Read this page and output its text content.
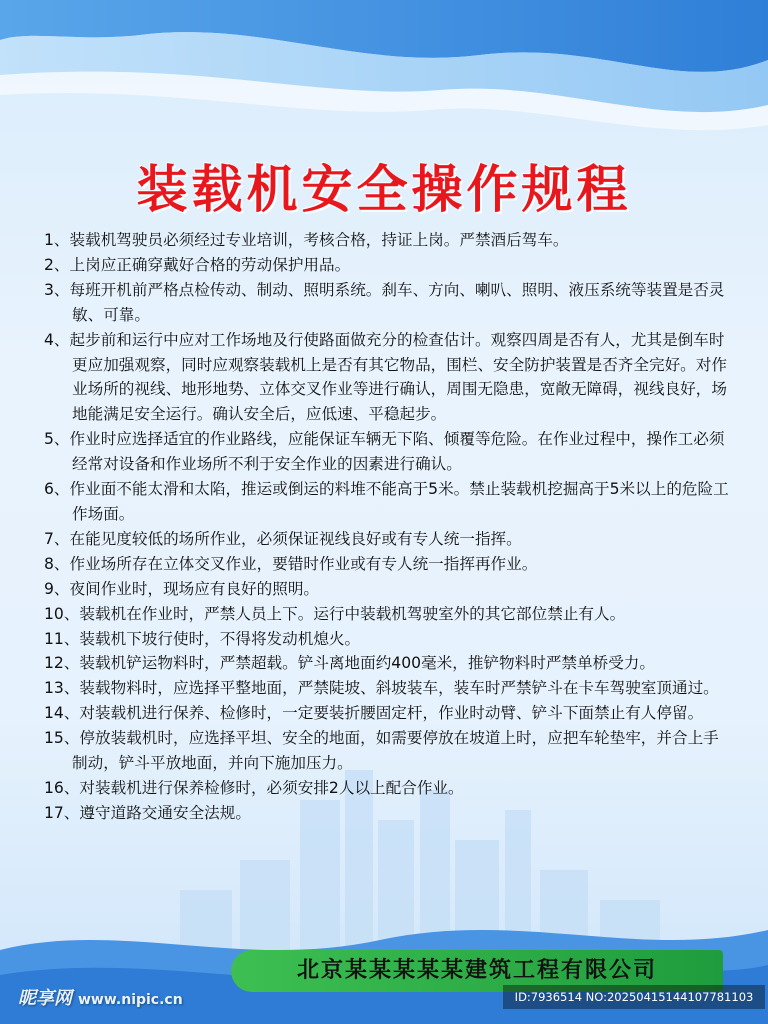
装载机安全操作规程

1、装载机驾驶员必须经过专业培训，考核合格，持证上岗。严禁酒后驾车。

2、上岗应正确穿戴好合格的劳动保护用品。

3、每班开机前严格点检传动、制动、照明系统。刹车、方向、喇叭、照明、液压系统等装置是否灵敏、可靠。

4、起步前和运行中应对工作场地及行使路面做充分的检查估计。观察四周是否有人，尤其是倒车时更应加强观察，同时应观察装载机上是否有其它物品，围栏、安全防护装置是否齐全完好。对作业场所的视线、地形地势、立体交叉作业等进行确认，周围无隐患，宽敞无障碍，视线良好，场地能满足安全运行。确认安全后，应低速、平稳起步。

5、作业时应选择适宜的作业路线，应能保证车辆无下陷、倾覆等危险。在作业过程中，操作工必须经常对设备和作业场所不利于安全作业的因素进行确认。

6、作业面不能太滑和太陷，推运或倒运的料堆不能高于5米。禁止装载机挖掘高于5米以上的危险工作场面。

7、在能见度较低的场所作业，必须保证视线良好或有专人统一指挥。

8、作业场所存在立体交叉作业，要错时作业或有专人统一指挥再作业。

9、夜间作业时，现场应有良好的照明。

10、装载机在作业时，严禁人员上下。运行中装载机驾驶室外的其它部位禁止有人。

11、装载机下坡行使时，不得将发动机熄火。

12、装载机铲运物料时，严禁超载。铲斗离地面约400毫米，推铲物料时严禁单桥受力。

13、装载物料时，应选择平整地面，严禁陡坡、斜坡装车，装车时严禁铲斗在卡车驾驶室顶通过。

14、对装载机进行保养、检修时，一定要装折腰固定杆，作业时动臂、铲斗下面禁止有人停留。

15、停放装载机时，应选择平坦、安全的地面，如需要停放在坡道上时，应把车轮垫牢，并合上手制动，铲斗平放地面，并向下施加压力。

16、对装载机进行保养检修时，必须安排2人以上配合作业。

17、遵守道路交通安全法规。

北京某某某某某建筑工程有限公司
昵享网 www.nipic.cn	ID:7936514 NO:20250415144107781103
